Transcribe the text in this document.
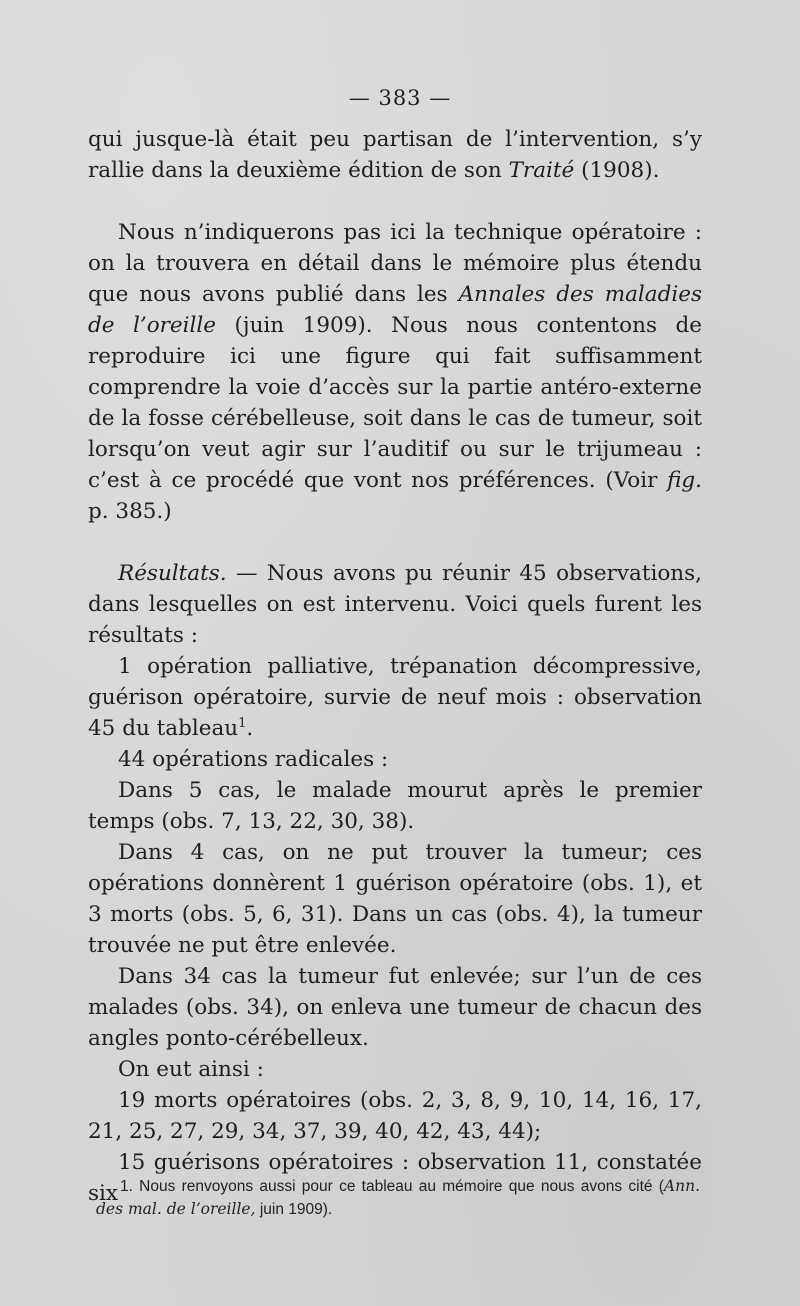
— 383 —

qui jusque-là était peu partisan de l’intervention, s’y rallie dans la deuxième édition de son Traité (1908).

Nous n’indiquerons pas ici la technique opératoire : on la trouvera en détail dans le mémoire plus étendu que nous avons publié dans les Annales des maladies de l’oreille (juin 1909). Nous nous contentons de reproduire ici une figure qui fait suffisamment comprendre la voie d’accès sur la partie antéro-externe de la fosse cérébelleuse, soit dans le cas de tumeur, soit lorsqu’on veut agir sur l’auditif ou sur le trijumeau : c’est à ce procédé que vont nos préférences. (Voir fig. p. 385.)

Résultats. — Nous avons pu réunir 45 observations, dans lesquelles on est intervenu. Voici quels furent les résultats :

1 opération palliative, trépanation décompressive, guérison opératoire, survie de neuf mois : observation 45 du tableau$^1$.

44 opérations radicales :

Dans 5 cas, le malade mourut après le premier temps (obs. 7, 13, 22, 30, 38).

Dans 4 cas, on ne put trouver la tumeur; ces opérations donnèrent 1 guérison opératoire (obs. 1), et 3 morts (obs. 5, 6, 31). Dans un cas (obs. 4), la tumeur trouvée ne put être enlevée.

Dans 34 cas la tumeur fut enlevée; sur l’un de ces malades (obs. 34), on enleva une tumeur de chacun des angles ponto-cérébelleux.

On eut ainsi :

19 morts opératoires (obs. 2, 3, 8, 9, 10, 14, 16, 17, 21, 25, 27, 29, 34, 37, 39, 40, 42, 43, 44);

15 guérisons opératoires : observation 11, constatée six 1. Nous renvoyons aussi pour ce tableau au mémoire que nous avons cité (Ann. des mal. de l’oreille, juin 1909).
